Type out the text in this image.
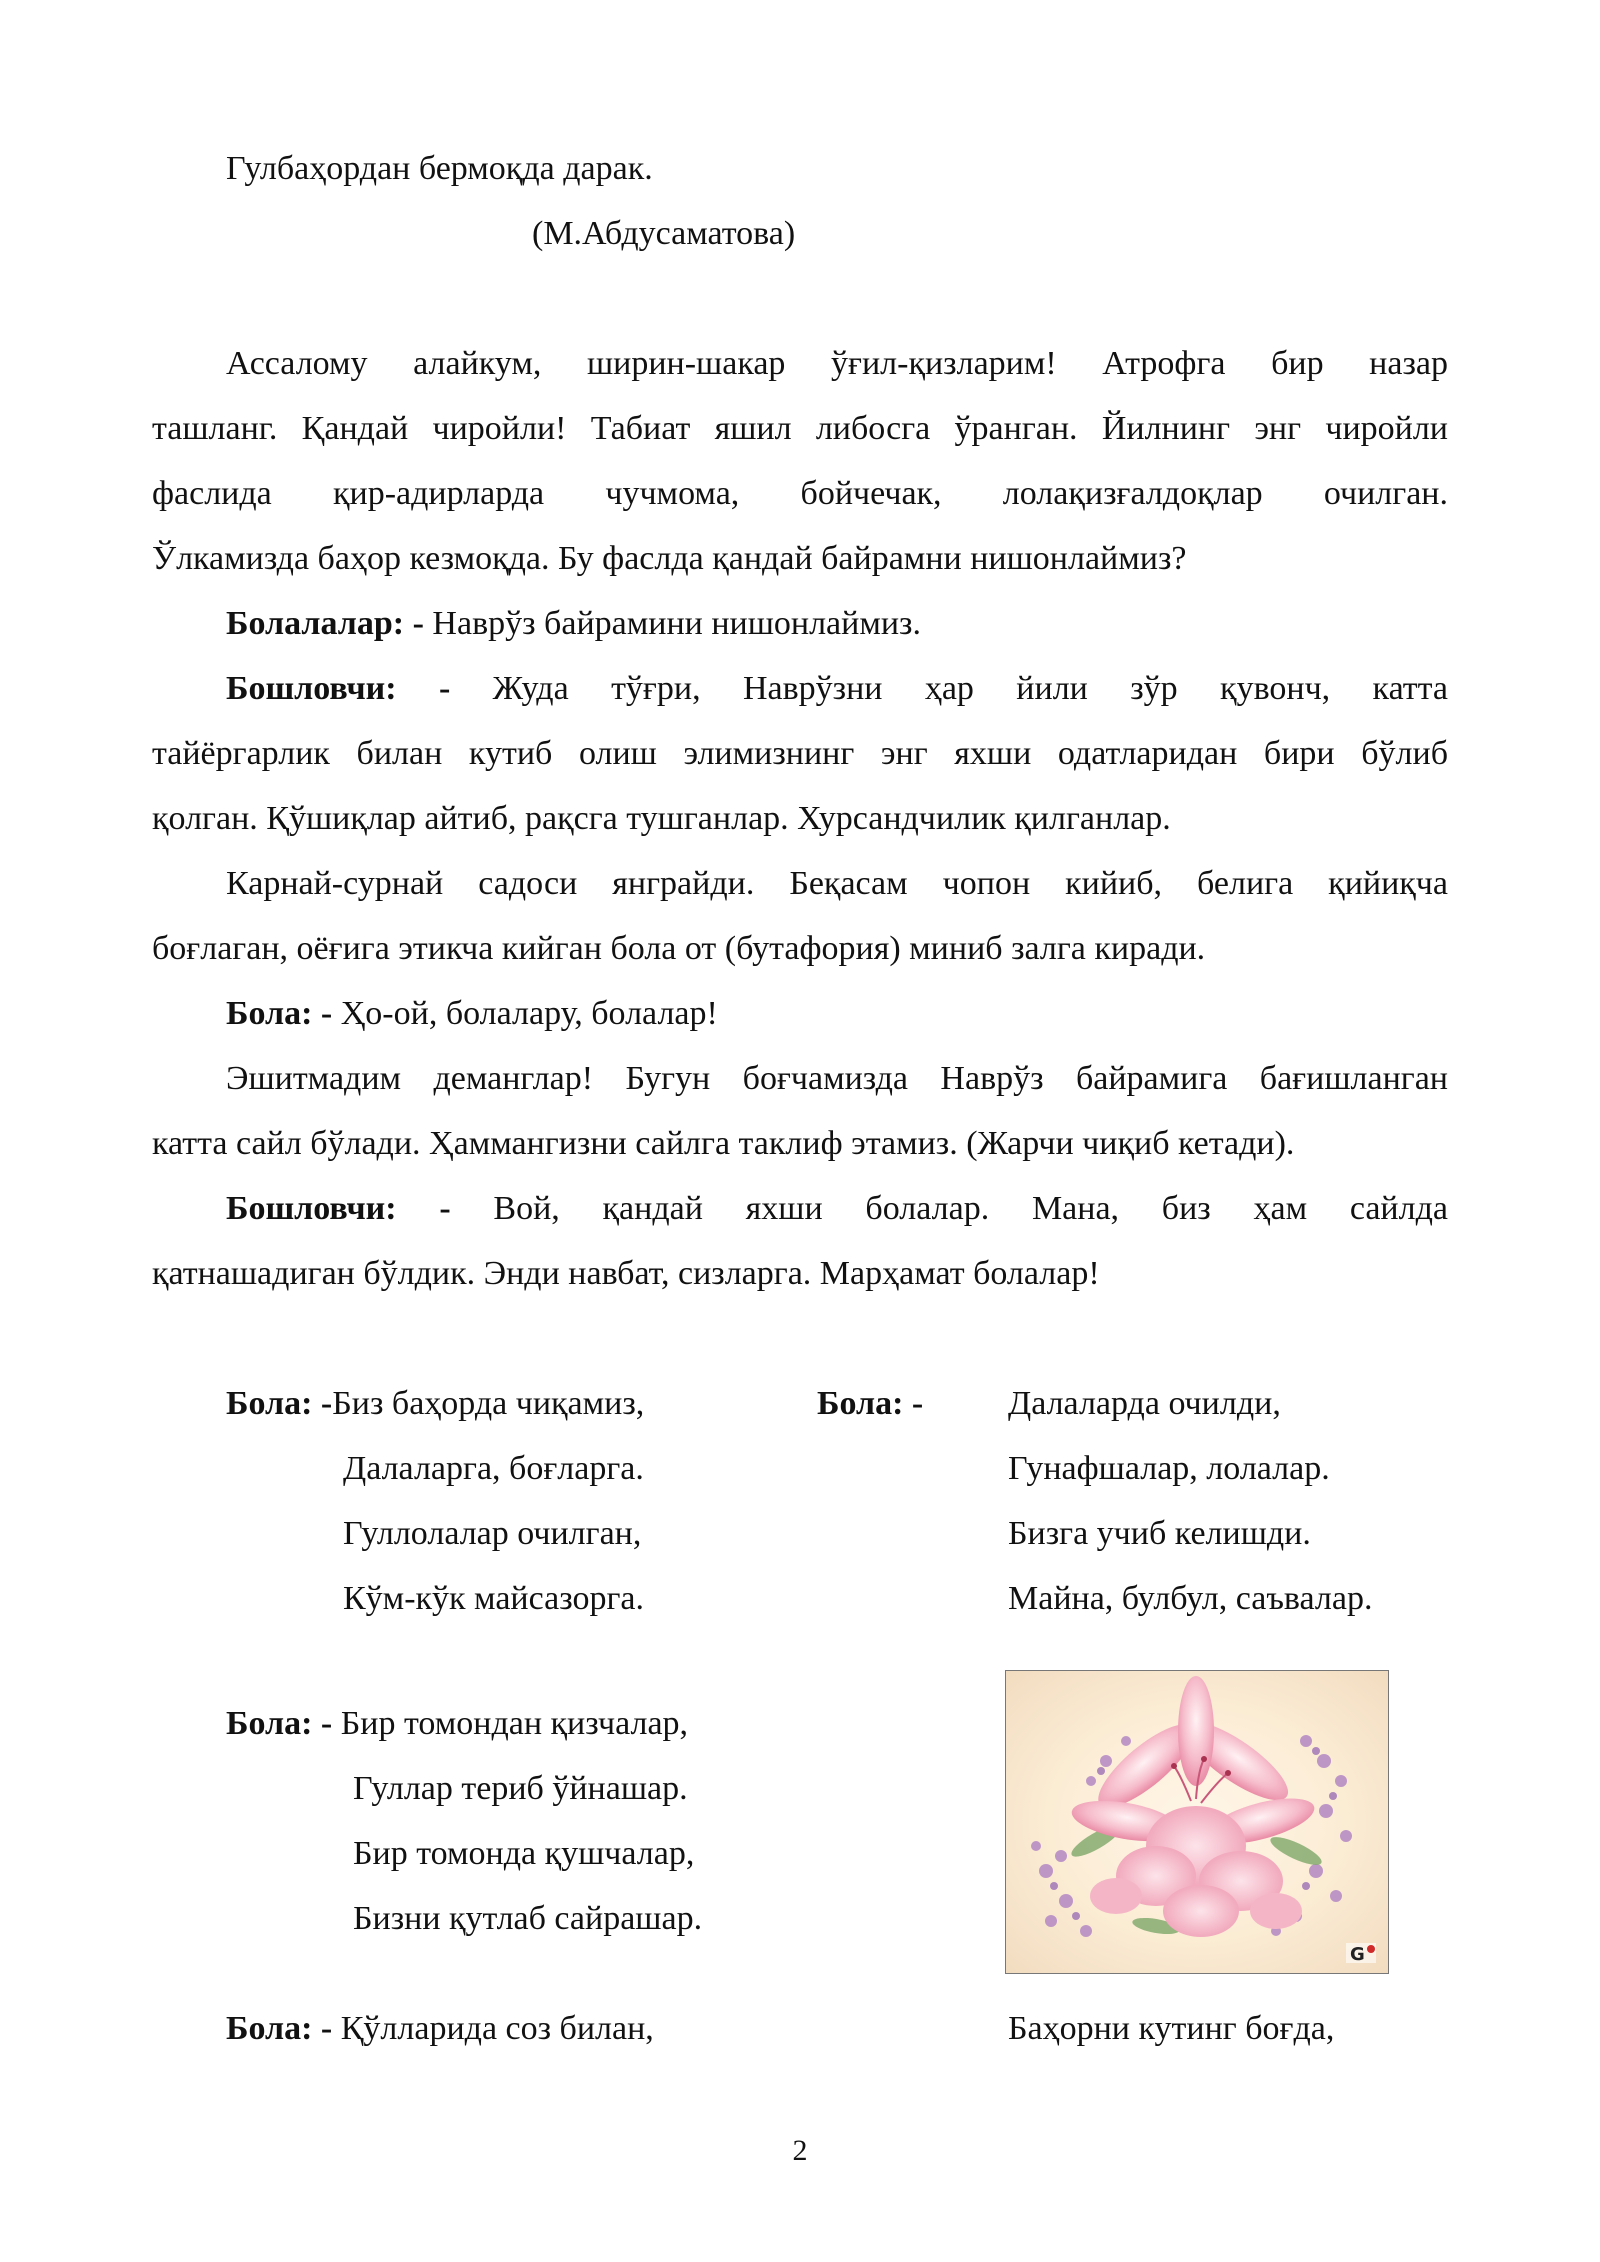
Гулбаҳордан бермоқда дарак.
(М.Абдусаматова)
Ассалому алайкум, ширин-шакар ўғил-қизларим! Атрофга бир назар
ташланг. Қандай чиройли! Табиат яшил либосга ўранган. Йилнинг энг чиройли
фаслида қир-адирларда чучмома, бойчечак, лолақизғалдоқлар очилган.
Ўлкамизда баҳор кезмоқда. Бу фаслда қандай байрамни нишонлаймиз?
Болалалар: - Наврўз байрамини нишонлаймиз.
Бошловчи: - Жуда тўғри, Наврўзни ҳар йили зўр қувонч, катта
тайёргарлик билан кутиб олиш элимизнинг энг яхши одатларидан бири бўлиб
қолган. Қўшиқлар айтиб, рақсга тушганлар. Хурсандчилик қилганлар.
Карнай-сурнай садоси янграйди. Беқасам чопон кийиб, белига қийиқча
боғлаган, оёғига этикча кийган бола от (бутафория) миниб залга киради.
Бола: - Ҳо-ой, болалару, болалар!
Эшитмадим деманглар! Бугун боғчамизда Наврўз байрамига бағишланган
катта сайл бўлади. Ҳаммангизни сайлга таклиф этамиз. (Жарчи чиқиб кетади).
Бошловчи: - Вой, қандай яхши болалар. Мана, биз ҳам сайлда
қатнашадиган бўлдик. Энди навбат, сизларга. Марҳамат болалар!
Бола: -Биз баҳорда чиқамиз,
Далаларга, боғларга.
Гуллолалар очилган,
Кўм-кўк майсазорга.
Бола: - Далаларда очилди,
Гунафшалар, лолалар.
Бизга учиб келишди.
Майна, булбул, саъвалар.
Бола: - Бир томондан қизчалар,
Гуллар териб ўйнашар.
Бир томонда қушчалар,
Бизни қутлаб сайрашар.
G
Бола: - Қўлларида соз билан,	Баҳорни кутинг боғда,
2
